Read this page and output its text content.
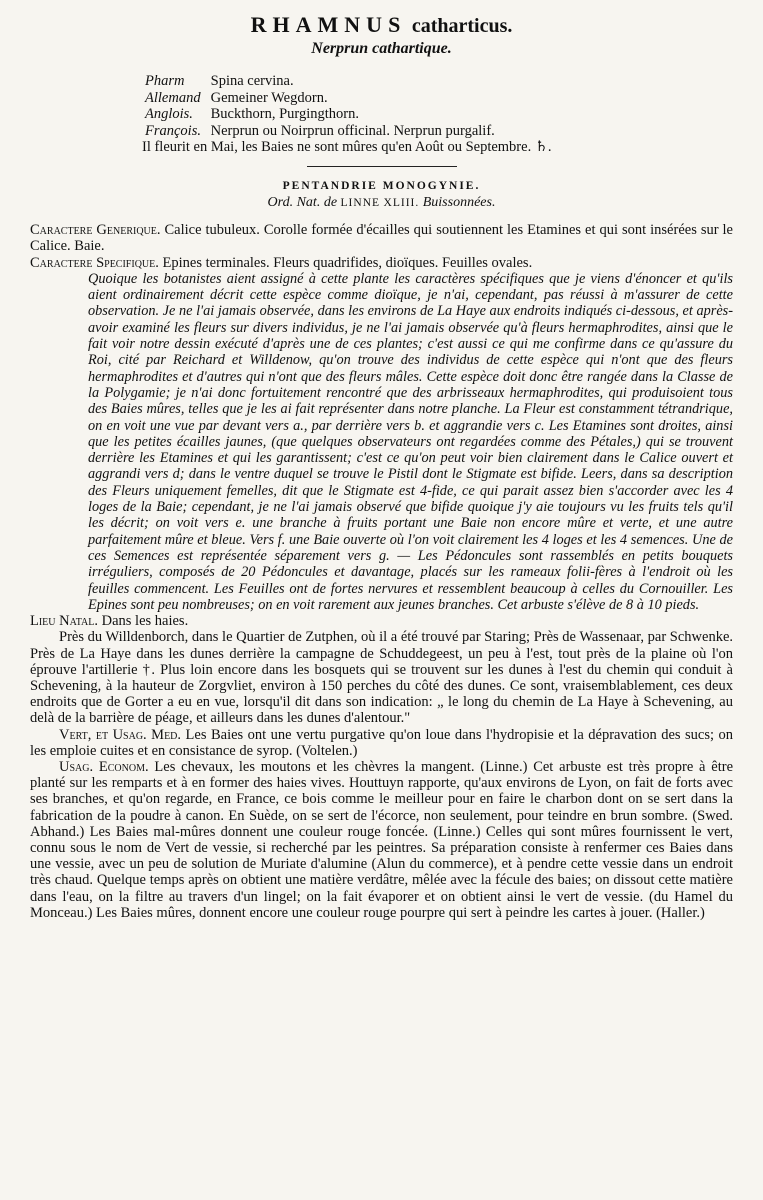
RHAMNUS catharticus.
Nerprun cathartique.
Pharm Spina cervina.
Allemand Gemeiner Wegdorn.
Anglois. Buckthorn, Purgingthorn.
François. Nerprun ou Noirprun officinal. Nerprun purgalif.
Il fleurit en Mai, les Baies ne sont mûres qu'en Août ou Septembre. ♄.
PENTANDRIE MONOGYNIE.
Ord. Nat. de LINNE XLIII. Buissonnées.

Caractere Generique. Calice tubuleux. Corolle formée d'écailles qui soutiennent les Etamines et qui sont insérées sur le Calice. Baie.

Caractere Specifique. Epines terminales. Fleurs quadrifides, dioïques. Feuilles ovales.

Quoique les botanistes aient assigné à cette plante les caractères spécifiques que je viens d'énoncer et qu'ils aient ordinairement décrit cette espèce comme dioïque, je n'ai, cependant, pas réussi à m'assurer de cette observation. Je ne l'ai jamais observée, dans les environs de La Haye aux endroits indiqués ci-dessous, et après-avoir examiné les fleurs sur divers individus, je ne l'ai jamais observée qu'à fleurs hermaphrodites, ainsi que le fait voir notre dessin exécuté d'après une de ces plantes; c'est aussi ce qui me confirme dans ce qu'assure du Roi, cité par Reichard et Willdenow, qu'on trouve des individus de cette espèce qui n'ont que des fleurs hermaphrodites et d'autres qui n'ont que des fleurs mâles. Cette espèce doit donc être rangée dans la Classe de la Polygamie; je n'ai donc fortuitement rencontré que des arbrisseaux hermaphrodites, qui produisoient tous des Baies mûres, telles que je les ai fait représenter dans notre planche. La Fleur est constamment tétrandrique, on en voit une vue par devant vers a., par derrière vers b. et aggrandie vers c. Les Etamines sont droites, ainsi que les petites écailles jaunes, (que quelques observateurs ont regardées comme des Pétales,) qui se trouvent derrière les Etamines et qui les garantissent; c'est ce qu'on peut voir bien clairement dans le Calice ouvert et aggrandi vers d; dans le ventre duquel se trouve le Pistil dont le Stigmate est bifide. Leers, dans sa description des Fleurs uniquement femelles, dit que le Stigmate est 4-fide, ce qui parait assez bien s'accorder avec les 4 loges de la Baie; cependant, je ne l'ai jamais observé que bifide quoique j'y aie toujours vu les fruits tels qu'il les décrit; on voit vers e. une branche à fruits portant une Baie non encore mûre et verte, et une autre parfaitement mûre et bleue. Vers f. une Baie ouverte où l'on voit clairement les 4 loges et les 4 semences. Une de ces Semences est représentée séparement vers g. — Les Pédoncules sont rassemblés en petits bouquets irréguliers, composés de 20 Pédoncules et davantage, placés sur les rameaux folii-fères à l'endroit où les feuilles commencent. Les Feuilles ont de fortes nervures et ressemblent beaucoup à celles du Cornouiller. Les Epines sont peu nombreuses; on en voit rarement aux jeunes branches. Cet arbuste s'élève de 8 à 10 pieds.

Lieu Natal. Dans les haies.

Près du Willdenborch, dans le Quartier de Zutphen, où il a été trouvé par Staring; Près de Wassenaar, par Schwenke. Près de La Haye dans les dunes derrière la campagne de Schuddegeest, un peu à l'est, tout près de la plaine où l'on éprouve l'artillerie †. Plus loin encore dans les bosquets qui se trouvent sur les dunes à l'est du chemin qui conduit à Schevening, à la hauteur de Zorgvliet, environ à 150 perches du côté des dunes. Ce sont, vraisemblablement, ces deux endroits que de Gorter a eu en vue, lorsqu'il dit dans son indication: „ le long du chemin de La Haye à Schevening, au delà de la barrière de péage, et ailleurs dans les dunes d'alentour."

Vert, et Usag. Med. Les Baies ont une vertu purgative qu'on loue dans l'hydropisie et la dépravation des sucs; on les emploie cuites et en consistance de syrop. (Voltelen.)

Usag. Econom. Les chevaux, les moutons et les chèvres la mangent. (Linne.) Cet arbuste est très propre à être planté sur les remparts et à en former des haies vives. Houttuyn rapporte, qu'aux environs de Lyon, on fait de forts avec ses branches, et qu'on regarde, en France, ce bois comme le meilleur pour en faire le charbon dont on se sert dans la fabrication de la poudre à canon. En Suède, on se sert de l'écorce, non seulement, pour teindre en brun sombre. (Swed. Abhand.) Les Baies mal-mûres donnent une couleur rouge foncée. (Linne.) Celles qui sont mûres fournissent le vert, connu sous le nom de Vert de vessie, si recherché par les peintres. Sa préparation consiste à renfermer ces Baies dans une vessie, avec un peu de solution de Muriate d'alumine (Alun du commerce), et à pendre cette vessie dans un endroit très chaud. Quelque temps après on obtient une matière verdâtre, mêlée avec la fécule des baies; on dissout cette matière dans l'eau, on la filtre au travers d'un lingel; on la fait évaporer et on obtient ainsi le vert de vessie. (du Hamel du Monceau.) Les Baies mûres, donnent encore une couleur rouge pourpre qui sert à peindre les cartes à jouer. (Haller.)
